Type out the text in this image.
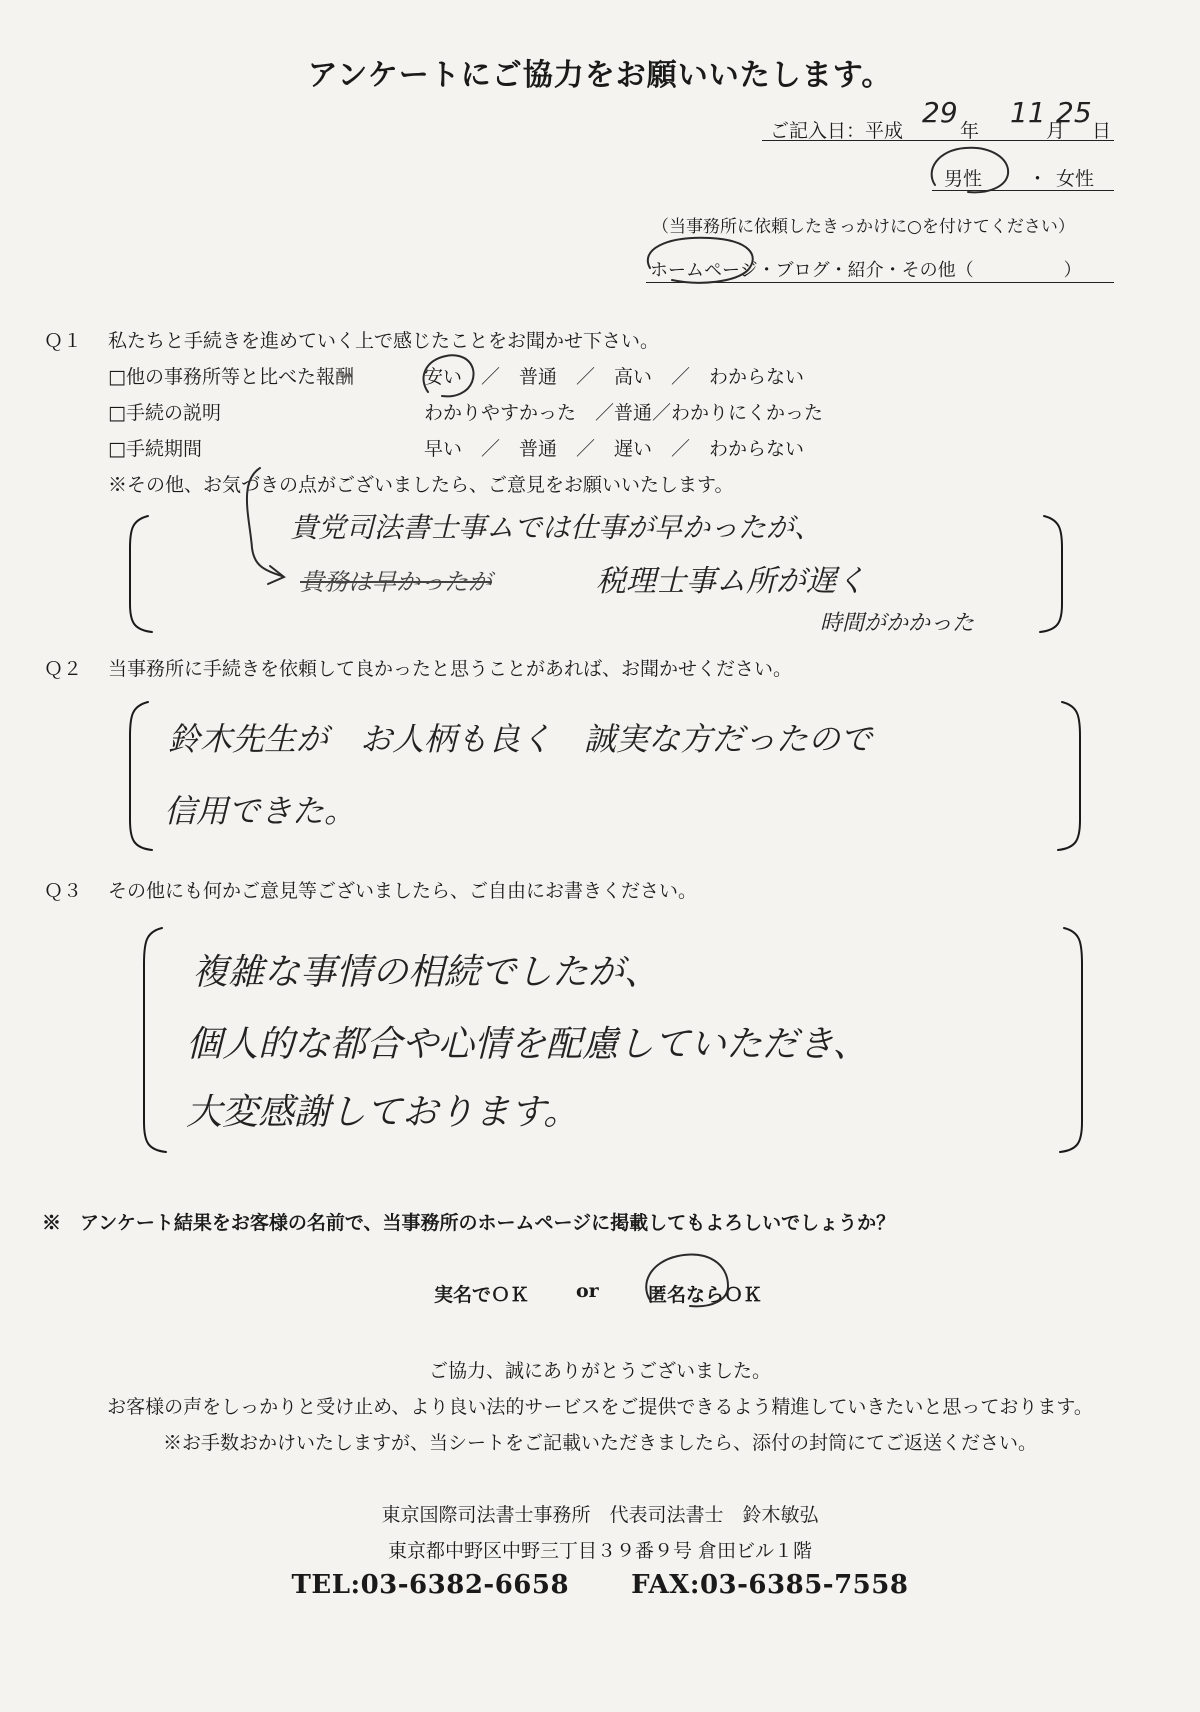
アンケートにご協力をお願いいたします。
ご記入日：平成
29
年
11
月
25
日
男性 ・ 女性
（当事務所に依頼したきっかけに○を付けてください）
ホームページ・ブログ・紹介・その他（　　　　　）
Ｑ１ 私たちと手続きを進めていく上で感じたことをお聞かせ下さい。
□他の事務所等と比べた報酬	安い　／　普通　／　高い　／　わからない
□手続の説明	わかりやすかった　／普通／わかりにくかった
□手続期間	早い　／　普通　／　遅い　／　わからない
※その他、お気づきの点がございましたら、ご意見をお願いいたします。
貴党司法書士事ムでは仕事が早かったが、
貴務は早かったが	税理士事ム所が遅く
時間がかかった
Ｑ２ 当事務所に手続きを依頼して良かったと思うことがあれば、お聞かせください。
鈴木先生が　お人柄も良く　誠実な方だったので
信用できた。
Ｑ３ その他にも何かご意見等ございましたら、ご自由にお書きください。
複雑な事情の相続でしたが、
個人的な都合や心情を配慮していただき、
大変感謝しております。
※　アンケート結果をお客様の名前で、当事務所のホームページに掲載してもよろしいでしょうか？
実名でＯＫ or	匿名ならＯＫ
ご協力、誠にありがとうございました。
お客様の声をしっかりと受け止め、より良い法的サービスをご提供できるよう精進していきたいと思っております。
※お手数おかけいたしますが、当シートをご記載いただきましたら、添付の封筒にてご返送ください。
東京国際司法書士事務所　代表司法書士　鈴木敏弘
東京都中野区中野三丁目３９番９号 倉田ビル１階
TEL:03-6382-6658 FAX:03-6385-7558
